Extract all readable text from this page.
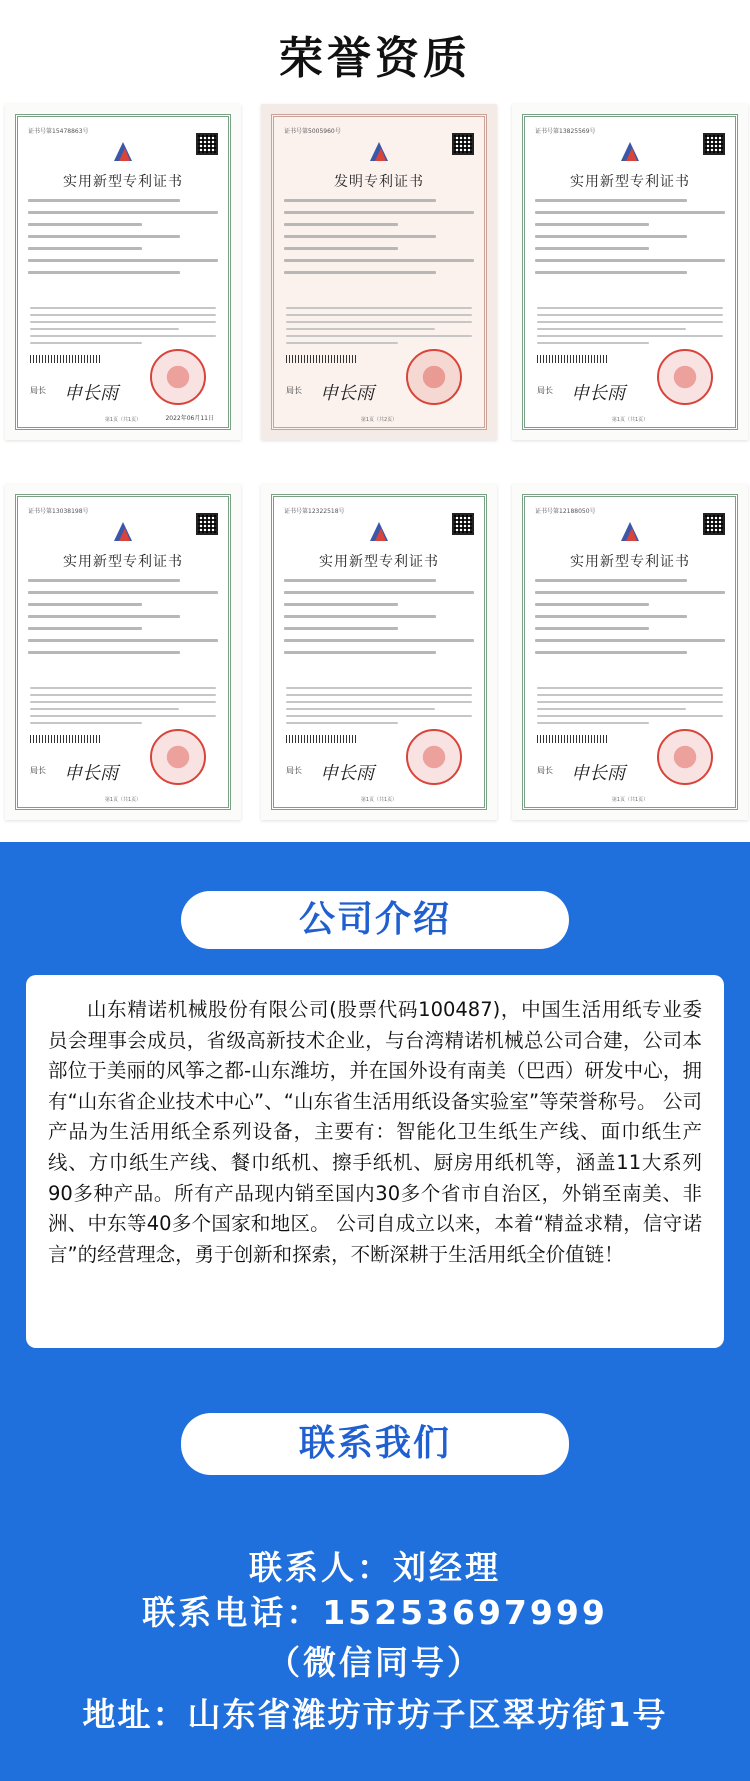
荣誉资质
证书号第15478863号
实用新型专利证书
局长 申长雨
2022年06月11日
第1页（共1页）
证书号第5005960号
发明专利证书
局长 申长雨
第1页（共2页）
证书号第13825569号
实用新型专利证书
局长 申长雨
第1页（共1页）
证书号第13038198号
实用新型专利证书
局长 申长雨
第1页（共1页）
证书号第12322518号
实用新型专利证书
局长 申长雨
第1页（共1页）
证书号第12188050号
实用新型专利证书
局长 申长雨
第1页（共1页）
公司介绍

山东精诺机械股份有限公司(股票代码100487)，中国生活用纸专业委员会理事会成员，省级高新技术企业，与台湾精诺机械总公司合建，公司本部位于美丽的风筝之都-山东潍坊，并在国外设有南美（巴西）研发中心，拥有“山东省企业技术中心”、“山东省生活用纸设备实验室”等荣誉称号。 公司产品为生活用纸全系列设备，主要有：智能化卫生纸生产线、面巾纸生产线、方巾纸生产线、餐巾纸机、擦手纸机、厨房用纸机等，涵盖11大系列90多种产品。所有产品现内销至国内30多个省市自治区，外销至南美、非洲、中东等40多个国家和地区。 公司自成立以来，本着“精益求精，信守诺言”的经营理念，勇于创新和探索，不断深耕于生活用纸全价值链！

联系我们
联系人：刘经理
联系电话：15253697999
（微信同号）
地址：山东省潍坊市坊子区翠坊街1号
